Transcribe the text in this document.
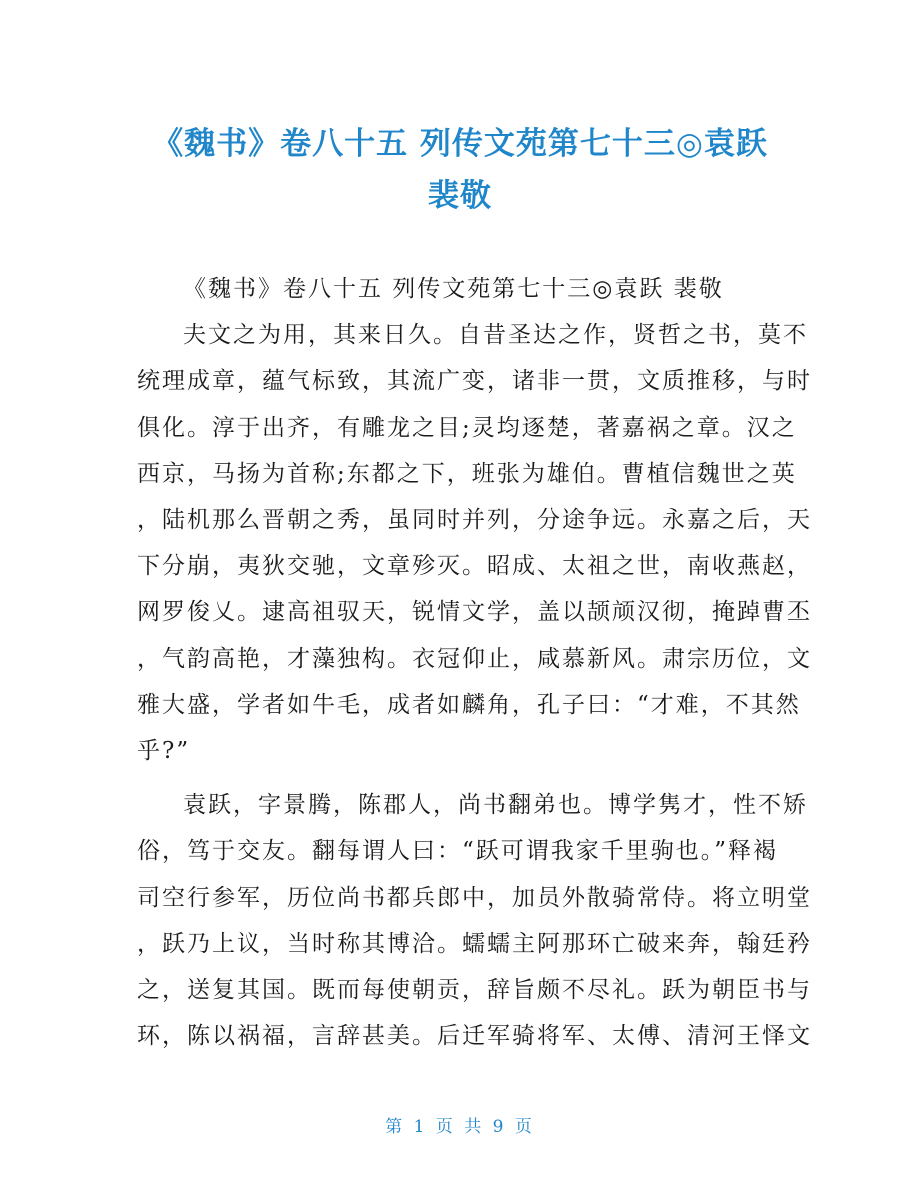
《魏书》卷八十五 列传文苑第七十三◎袁跃
裴敬

《魏书》卷八十五 列传文苑第七十三◎袁跃 裴敬

夫文之为用，其来日久。自昔圣达之作，贤哲之书，莫不
统理成章，蕴气标致，其流广变，诸非一贯，文质推移，与时
俱化。淳于出齐，有雕龙之目;灵均逐楚，著嘉祸之章。汉之
西京，马扬为首称;东都之下，班张为雄伯。曹植信魏世之英
，陆机那么晋朝之秀，虽同时并列，分途争远。永嘉之后，天
下分崩，夷狄交驰，文章殄灭。昭成、太祖之世，南收燕赵，
网罗俊乂。逮高祖驭天，锐情文学，盖以颉颃汉彻，掩踔曹丕
，气韵高艳，才藻独构。衣冠仰止，咸慕新风。肃宗历位，文
雅大盛，学者如牛毛，成者如麟角，孔子曰：“才难，不其然
乎?”

袁跃，字景腾，陈郡人，尚书翻弟也。博学隽才，性不矫
俗，笃于交友。翻每谓人曰：“跃可谓我家千里驹也。”释褐
司空行参军，历位尚书都兵郎中，加员外散骑常侍。将立明堂
，跃乃上议，当时称其博洽。蠕蠕主阿那环亡破来奔，翰廷矜
之，送复其国。既而每使朝贡，辞旨颇不尽礼。跃为朝臣书与
环，陈以祸福，言辞甚美。后迁军骑将军、太傅、清河王怿文

第 1 页 共 9 页
